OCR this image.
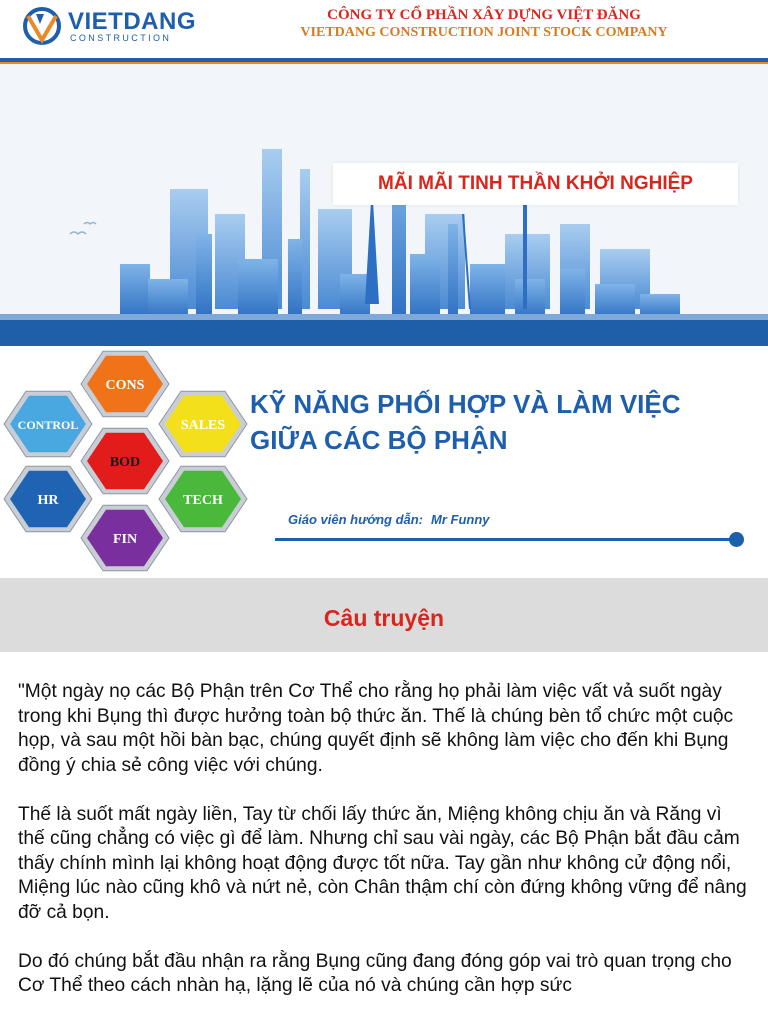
VIETDANG
CONSTRUCTION
CÔNG TY CỔ PHẦN XÂY DỰNG VIỆT ĐĂNG
VIETDANG CONSTRUCTION JOINT STOCK COMPANY
MÃI MÃI TINH THẦN KHỞI NGHIỆP
CONS
CONTROL	SALES
BOD
HR	TECH
FIN

KỸ NĂNG PHỐI HỢP VÀ LÀM VIỆC

GIỮA CÁC BỘ PHẬN

Giáo viên hướng dẫn: Mr Funny
Câu truyện

"Một ngày nọ các Bộ Phận trên Cơ Thể cho rằng họ phải làm việc vất vả suốt ngày trong khi Bụng thì được hưởng toàn bộ thức ăn. Thế là chúng bèn tổ chức một cuộc họp, và sau một hồi bàn bạc, chúng quyết định sẽ không làm việc cho đến khi Bụng đồng ý chia sẻ công việc với chúng.

Thế là suốt mất ngày liền, Tay từ chối lấy thức ăn, Miệng không chịu ăn và Răng vì thế cũng chẳng có việc gì để làm. Nhưng chỉ sau vài ngày, các Bộ Phận bắt đầu cảm thấy chính mình lại không hoạt động được tốt nữa. Tay gần như không cử động nổi, Miệng lúc nào cũng khô và nứt nẻ, còn Chân thậm chí còn đứng không vững để nâng đỡ cả bọn.

Do đó chúng bắt đầu nhận ra rằng Bụng cũng đang đóng góp vai trò quan trọng cho Cơ Thể theo cách nhàn hạ, lặng lẽ của nó và chúng cần hợp sức
